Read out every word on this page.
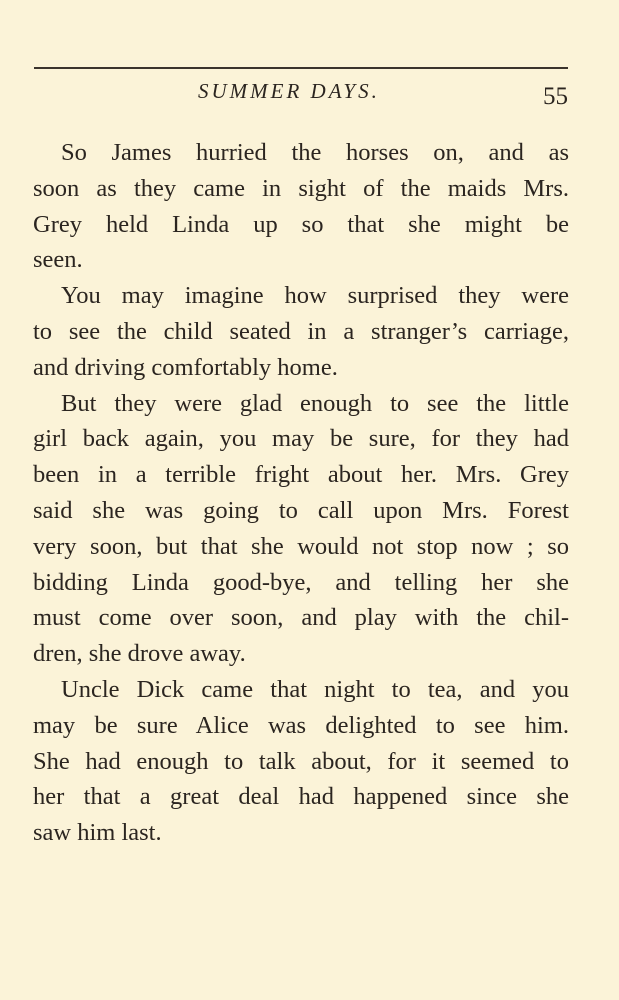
SUMMER DAYS.	55

So James hurried the horses on, and as
soon as they came in sight of the maids Mrs.
Grey held Linda up so that she might be
seen.

You may imagine how surprised they were
to see the child seated in a stranger’s carriage,
and driving comfortably home.

But they were glad enough to see the little
girl back again, you may be sure, for they had
been in a terrible fright about her. Mrs. Grey
said she was going to call upon Mrs. Forest
very soon, but that she would not stop now ; so
bidding Linda good-bye, and telling her she
must come over soon, and play with the chil-
dren, she drove away.

Uncle Dick came that night to tea, and you
may be sure Alice was delighted to see him.
She had enough to talk about, for it seemed to
her that a great deal had happened since she
saw him last.
